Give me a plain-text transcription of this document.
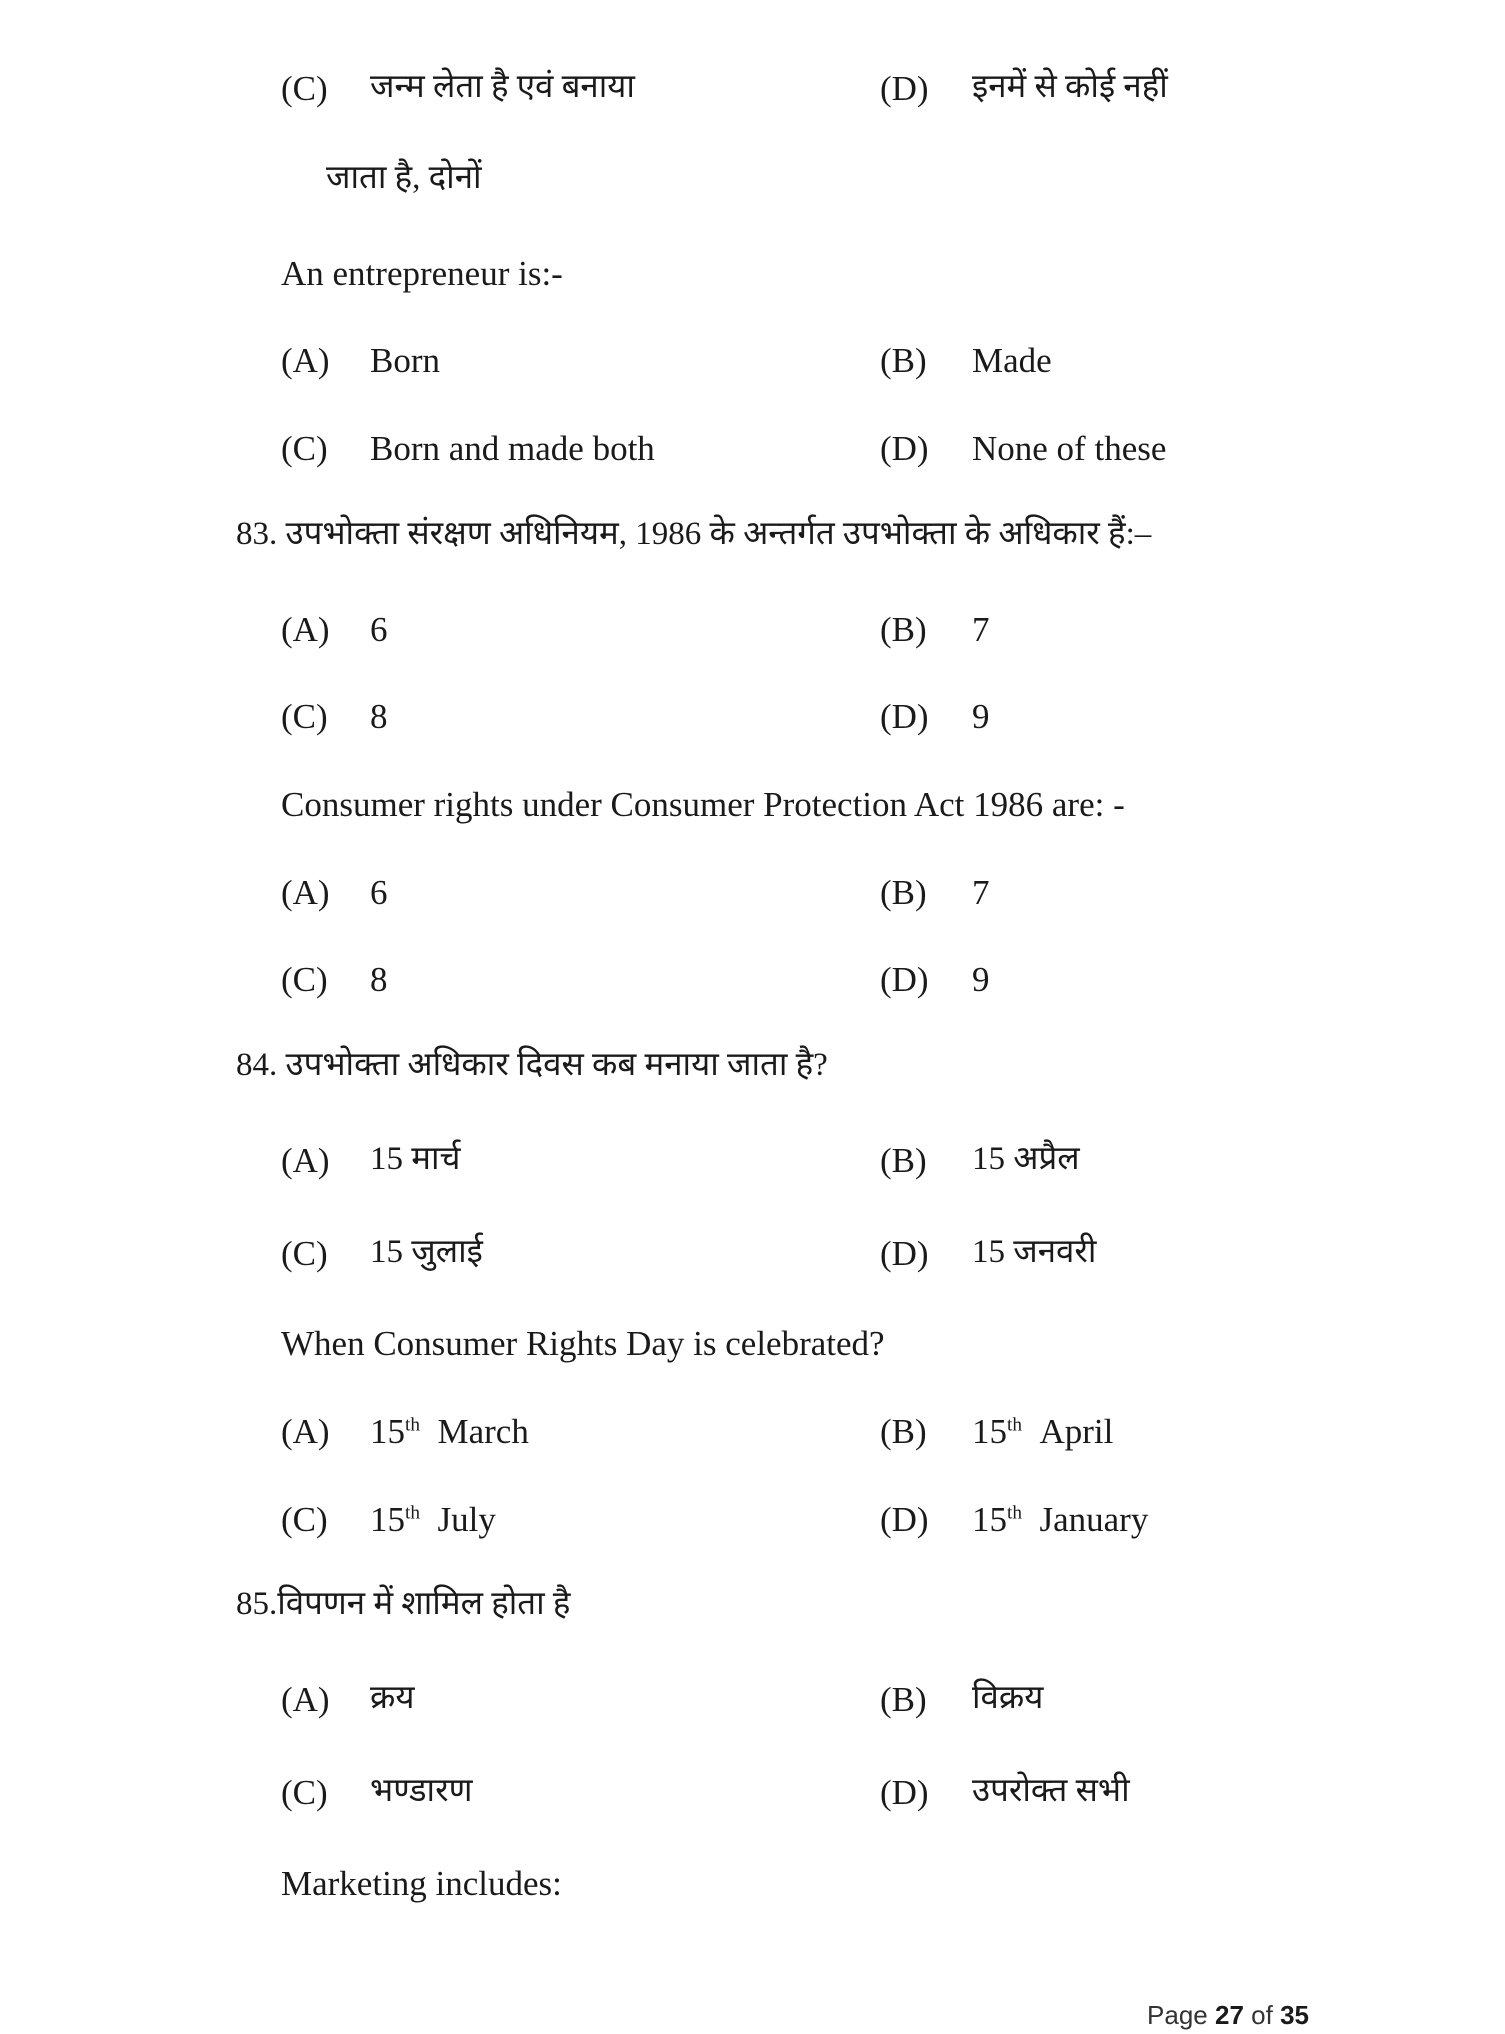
(C) जन्म लेता है एवं बनाया	(D) इनमें से कोई नहीं
जाता है, दोनों
An entrepreneur is:-
(A) Born	(B) Made
(C) Born and made both	(D) None of these
83. उपभोक्ता संरक्षण अधिनियम, 1986 के अन्तर्गत उपभोक्ता के अधिकार हैं:–
(A) 6	(B) 7
(C) 8	(D) 9
Consumer rights under Consumer Protection Act 1986 are: -
(A) 6	(B) 7
(C) 8	(D) 9
84. उपभोक्ता अधिकार दिवस कब मनाया जाता है?
(A) 15 मार्च	(B) 15 अप्रैल
(C) 15 जुलाई	(D) 15 जनवरी
When Consumer Rights Day is celebrated?
(A) 15th March	(B) 15th April
(C) 15th July	(D) 15th January
85.विपणन में शामिल होता है
(A) क्रय	(B) विक्रय
(C) भण्डारण	(D) उपरोक्त सभी
Marketing includes:
Page 27 of 35
